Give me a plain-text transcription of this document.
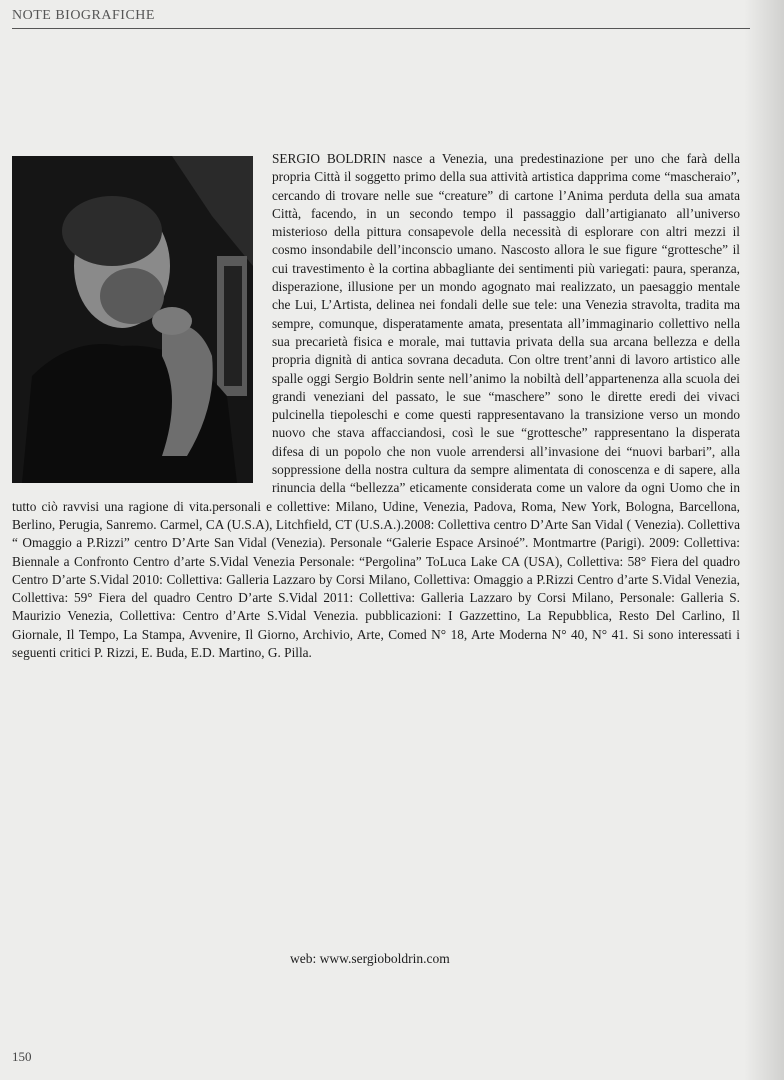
NOTE BIOGRAFICHE
SERGIO BOLDRIN nasce a Venezia, una predestinazione per uno che farà della propria Città il soggetto primo della sua attività artistica dapprima come “mascheraio”, cercando di trovare nelle sue “creature” di cartone l’Anima perduta della sua amata Città, facendo, in un secondo tempo il passaggio dall’artigianato all’universo misterioso della pittura consapevole della necessità di esplorare con altri mezzi il cosmo insondabile dell’inconscio umano. Nascosto allora le sue figure “grottesche” il cui travestimento è la cortina abbagliante dei sentimenti più variegati: paura, speranza, disperazione, illusione per un mondo agognato mai realizzato, un paesaggio mentale che Lui, L’Artista, delinea nei fondali delle sue tele: una Venezia stravolta, tradita ma sempre, comunque, disperatamente amata, presentata all’immaginario collettivo nella sua precarietà fisica e morale, mai tuttavia privata della sua arcana bellezza e della propria dignità di antica sovrana decaduta. Con oltre trent’anni di lavoro artistico alle spalle oggi Sergio Boldrin sente nell’animo la nobiltà dell’appartenenza alla scuola dei grandi veneziani del passato, le sue “maschere” sono le dirette eredi dei vivaci pulcinella tiepoleschi e come questi rappresentavano la transizione verso un mondo nuovo che stava affacciandosi, così le sue “grottesche” rappresentano la disperata difesa di un popolo che non vuole arrendersi all’invasione dei “nuovi barbari”, alla soppressione della nostra cultura da sempre alimentata di conoscenza e di sapere, alla rinuncia della “bellezza” eticamente considerata come un valore da ogni Uomo che in tutto ciò ravvisi una ragione di vita.personali e collettive: Milano, Udine, Venezia, Padova, Roma, New York, Bologna, Barcellona, Berlino, Perugia, Sanremo. Carmel, CA (U.S.A), Litchfield, CT (U.S.A.).2008: Collettiva centro D’Arte San Vidal ( Venezia). Collettiva “ Omaggio a P.Rizzi” centro D’Arte San Vidal (Venezia). Personale “Galerie Espace Arsinoé”. Montmartre (Parigi). 2009: Collettiva: Biennale a Confronto Centro d’arte S.Vidal Venezia Personale: “Pergolina” ToLuca Lake CA (USA), Collettiva: 58° Fiera del quadro Centro D’arte S.Vidal 2010: Collettiva: Galleria Lazzaro by Corsi Milano, Collettiva: Omaggio a P.Rizzi Centro d’arte S.Vidal Venezia, Collettiva: 59° Fiera del quadro Centro D’arte S.Vidal 2011: Collettiva: Galleria Lazzaro by Corsi Milano, Personale: Galleria S. Maurizio Venezia, Collettiva: Centro d’Arte S.Vidal Venezia. pubblicazioni: I Gazzettino, La Repubblica, Resto Del Carlino, Il Giornale, Il Tempo, La Stampa, Avvenire, Il Giorno, Archivio, Arte, Comed N° 18, Arte Moderna N° 40, N° 41. Si sono interessati i seguenti critici P. Rizzi, E. Buda, E.D. Martino, G. Pilla.
web: www.sergioboldrin.com
150
